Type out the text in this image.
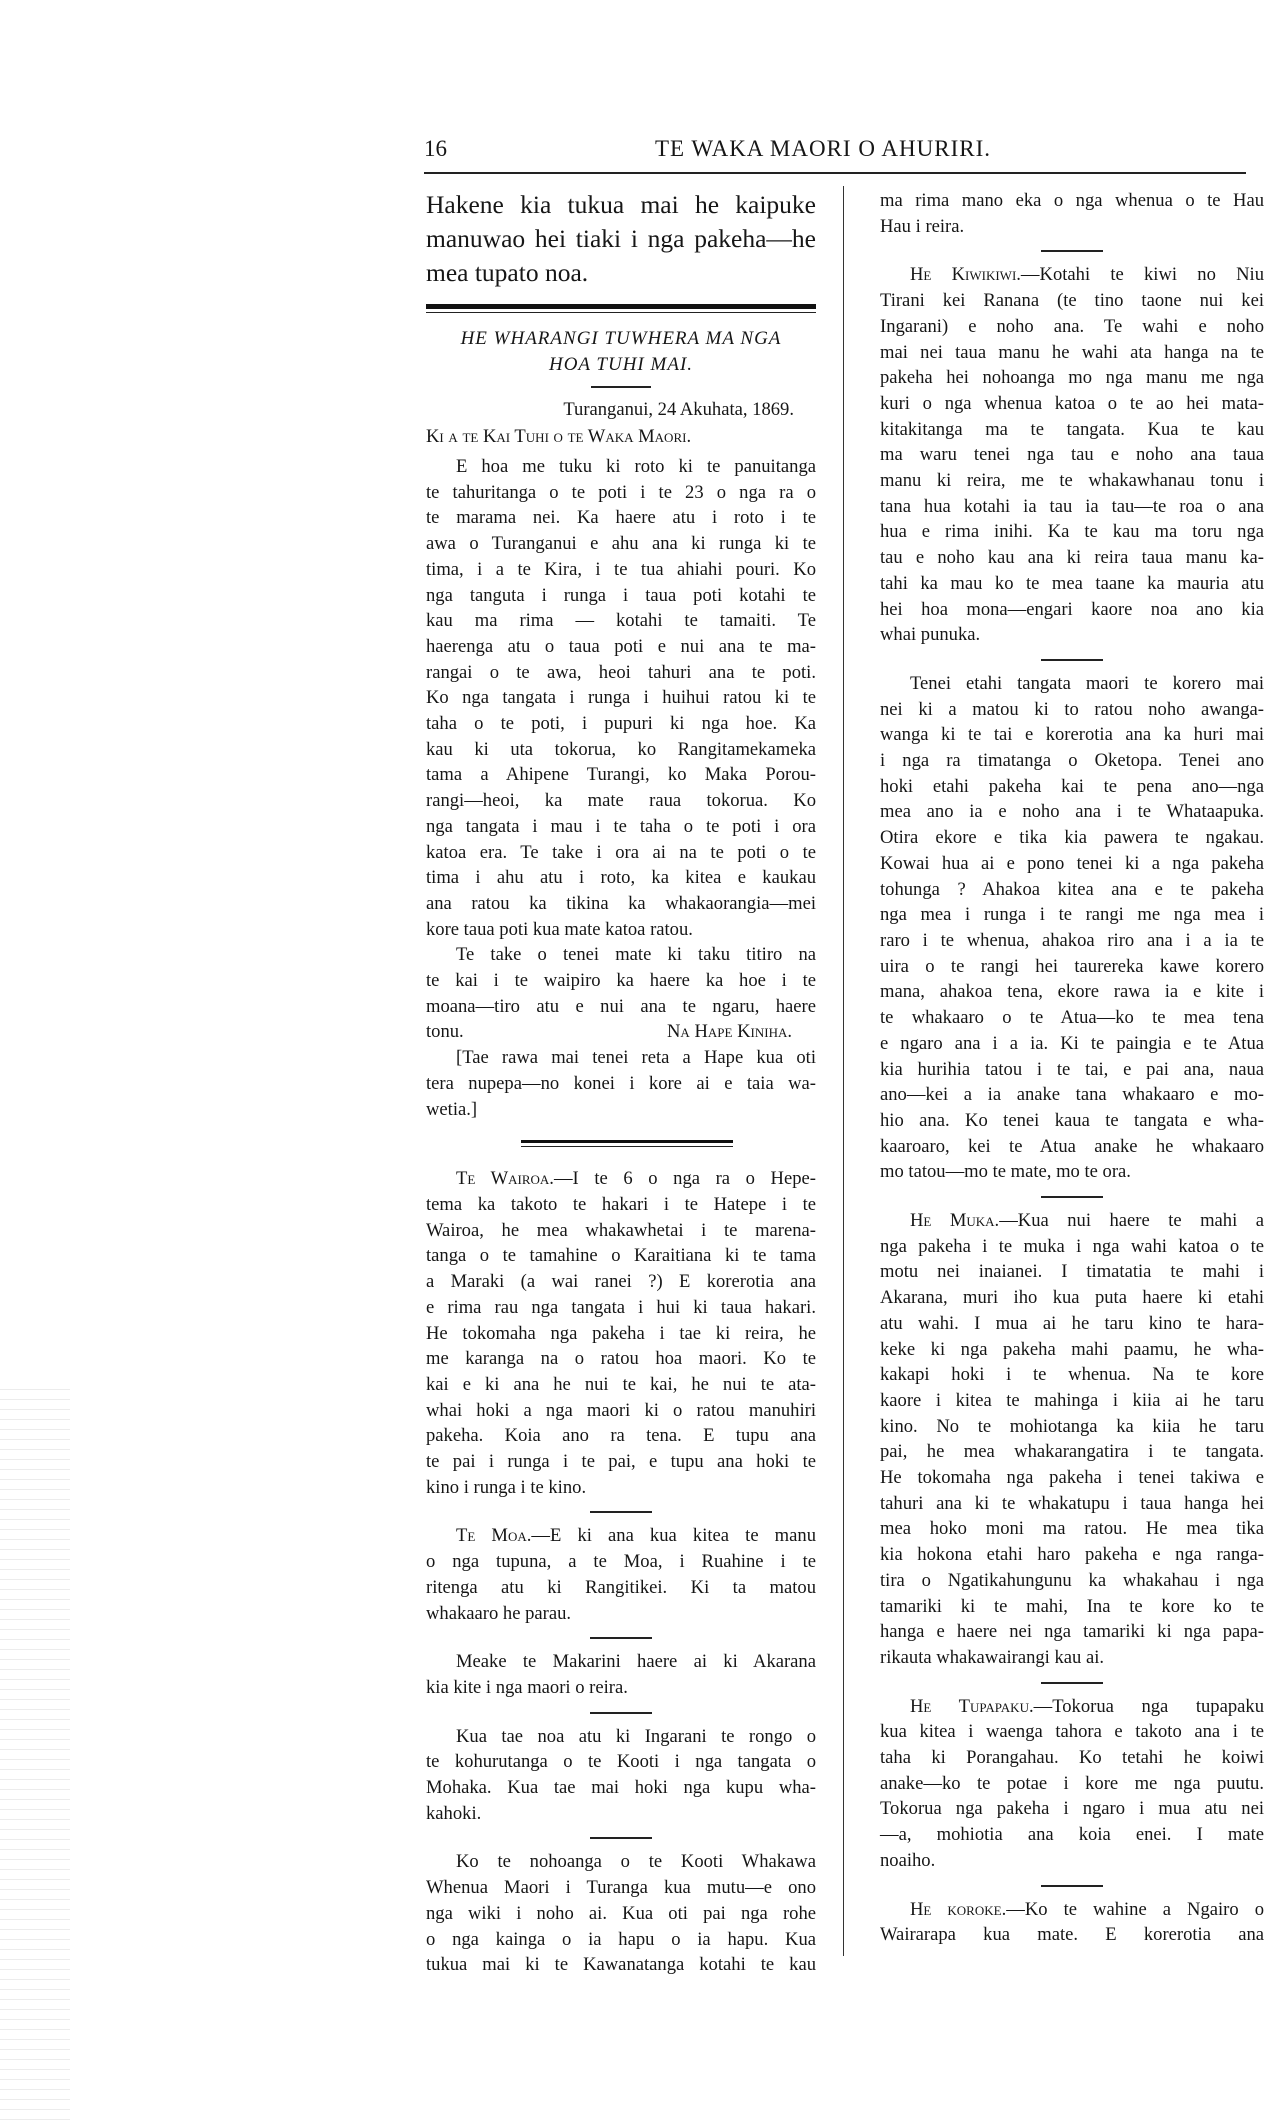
16	TE WAKA MAORI O AHURIRI.
Hakene kia tukua mai he kaipuke
manuwao hei tiaki i nga pakeha—he
mea tupato noa.
HE WHARANGI TUWHERA MA NGA
HOA TUHI MAI.
Turanganui, 24 Akuhata, 1869.
Ki a te Kai Tuhi o te Waka Maori.
E hoa me tuku ki roto ki te panuitanga
te tahuritanga o te poti i te 23 o nga ra o
te marama nei. Ka haere atu i roto i te
awa o Turanganui e ahu ana ki runga ki te
tima, i a te Kira, i te tua ahiahi pouri. Ko
nga tanguta i runga i taua poti kotahi te
kau ma rima — kotahi te tamaiti. Te
haerenga atu o taua poti e nui ana te ma-
rangai o te awa, heoi tahuri ana te poti.
Ko nga tangata i runga i huihui ratou ki te
taha o te poti, i pupuri ki nga hoe. Ka
kau ki uta tokorua, ko Rangitamekameka
tama a Ahipene Turangi, ko Maka Porou-
rangi—heoi, ka mate raua tokorua. Ko
nga tangata i mau i te taha o te poti i ora
katoa era. Te take i ora ai na te poti o te
tima i ahu atu i roto, ka kitea e kaukau
ana ratou ka tikina ka whakaorangia—mei
kore taua poti kua mate katoa ratou.
Te take o tenei mate ki taku titiro na
te kai i te waipiro ka haere ka hoe i te
moana—tiro atu e nui ana te ngaru, haere
tonu.	Na Hape Kiniha.
[Tae rawa mai tenei reta a Hape kua oti
tera nupepa—no konei i kore ai e taia wa-
wetia.]
Te Wairoa.—I te 6 o nga ra o Hepe-
tema ka takoto te hakari i te Hatepe i te
Wairoa, he mea whakawhetai i te marena-
tanga o te tamahine o Karaitiana ki te tama
a Maraki (a wai ranei ?) E korerotia ana
e rima rau nga tangata i hui ki taua hakari.
He tokomaha nga pakeha i tae ki reira, he
me karanga na o ratou hoa maori. Ko te
kai e ki ana he nui te kai, he nui te ata-
whai hoki a nga maori ki o ratou manuhiri
pakeha. Koia ano ra tena. E tupu ana
te pai i runga i te pai, e tupu ana hoki te
kino i runga i te kino.
Te Moa.—E ki ana kua kitea te manu
o nga tupuna, a te Moa, i Ruahine i te
ritenga atu ki Rangitikei. Ki ta matou
whakaaro he parau.
Meake te Makarini haere ai ki Akarana
kia kite i nga maori o reira.
Kua tae noa atu ki Ingarani te rongo o
te kohurutanga o te Kooti i nga tangata o
Mohaka. Kua tae mai hoki nga kupu wha-
kahoki.
Ko te nohoanga o te Kooti Whakawa
Whenua Maori i Turanga kua mutu—e ono
nga wiki i noho ai. Kua oti pai nga rohe
o nga kainga o ia hapu o ia hapu. Kua
tukua mai ki te Kawanatanga kotahi te kau
ma rima mano eka o nga whenua o te Hau
Hau i reira.
He Kiwikiwi.—Kotahi te kiwi no Niu
Tirani kei Ranana (te tino taone nui kei
Ingarani) e noho ana. Te wahi e noho
mai nei taua manu he wahi ata hanga na te
pakeha hei nohoanga mo nga manu me nga
kuri o nga whenua katoa o te ao hei mata-
kitakitanga ma te tangata. Kua te kau
ma waru tenei nga tau e noho ana taua
manu ki reira, me te whakawhanau tonu i
tana hua kotahi ia tau ia tau—te roa o ana
hua e rima inihi. Ka te kau ma toru nga
tau e noho kau ana ki reira taua manu ka-
tahi ka mau ko te mea taane ka mauria atu
hei hoa mona—engari kaore noa ano kia
whai punuka.
Tenei etahi tangata maori te korero mai
nei ki a matou ki to ratou noho awanga-
wanga ki te tai e korerotia ana ka huri mai
i nga ra timatanga o Oketopa. Tenei ano
hoki etahi pakeha kai te pena ano—nga
mea ano ia e noho ana i te Whataapuka.
Otira ekore e tika kia pawera te ngakau.
Kowai hua ai e pono tenei ki a nga pakeha
tohunga ? Ahakoa kitea ana e te pakeha
nga mea i runga i te rangi me nga mea i
raro i te whenua, ahakoa riro ana i a ia te
uira o te rangi hei taurereka kawe korero
mana, ahakoa tena, ekore rawa ia e kite i
te whakaaro o te Atua—ko te mea tena
e ngaro ana i a ia. Ki te paingia e te Atua
kia hurihia tatou i te tai, e pai ana, naua
ano—kei a ia anake tana whakaaro e mo-
hio ana. Ko tenei kaua te tangata e wha-
kaaroaro, kei te Atua anake he whakaaro
mo tatou—mo te mate, mo te ora.
He Muka.—Kua nui haere te mahi a
nga pakeha i te muka i nga wahi katoa o te
motu nei inaianei. I timatatia te mahi i
Akarana, muri iho kua puta haere ki etahi
atu wahi. I mua ai he taru kino te hara-
keke ki nga pakeha mahi paamu, he wha-
kakapi hoki i te whenua. Na te kore
kaore i kitea te mahinga i kiia ai he taru
kino. No te mohiotanga ka kiia he taru
pai, he mea whakarangatira i te tangata.
He tokomaha nga pakeha i tenei takiwa e
tahuri ana ki te whakatupu i taua hanga hei
mea hoko moni ma ratou. He mea tika
kia hokona etahi haro pakeha e nga ranga-
tira o Ngatikahungunu ka whakahau i nga
tamariki ki te mahi, Ina te kore ko te
hanga e haere nei nga tamariki ki nga papa-
rikauta whakawairangi kau ai.
He Tupapaku.—Tokorua nga tupapaku
kua kitea i waenga tahora e takoto ana i te
taha ki Porangahau. Ko tetahi he koiwi
anake—ko te potae i kore me nga puutu.
Tokorua nga pakeha i ngaro i mua atu nei
—a, mohiotia ana koia enei. I mate
noaiho.
He koroke.—Ko te wahine a Ngairo o
Wairarapa kua mate. E korerotia ana
